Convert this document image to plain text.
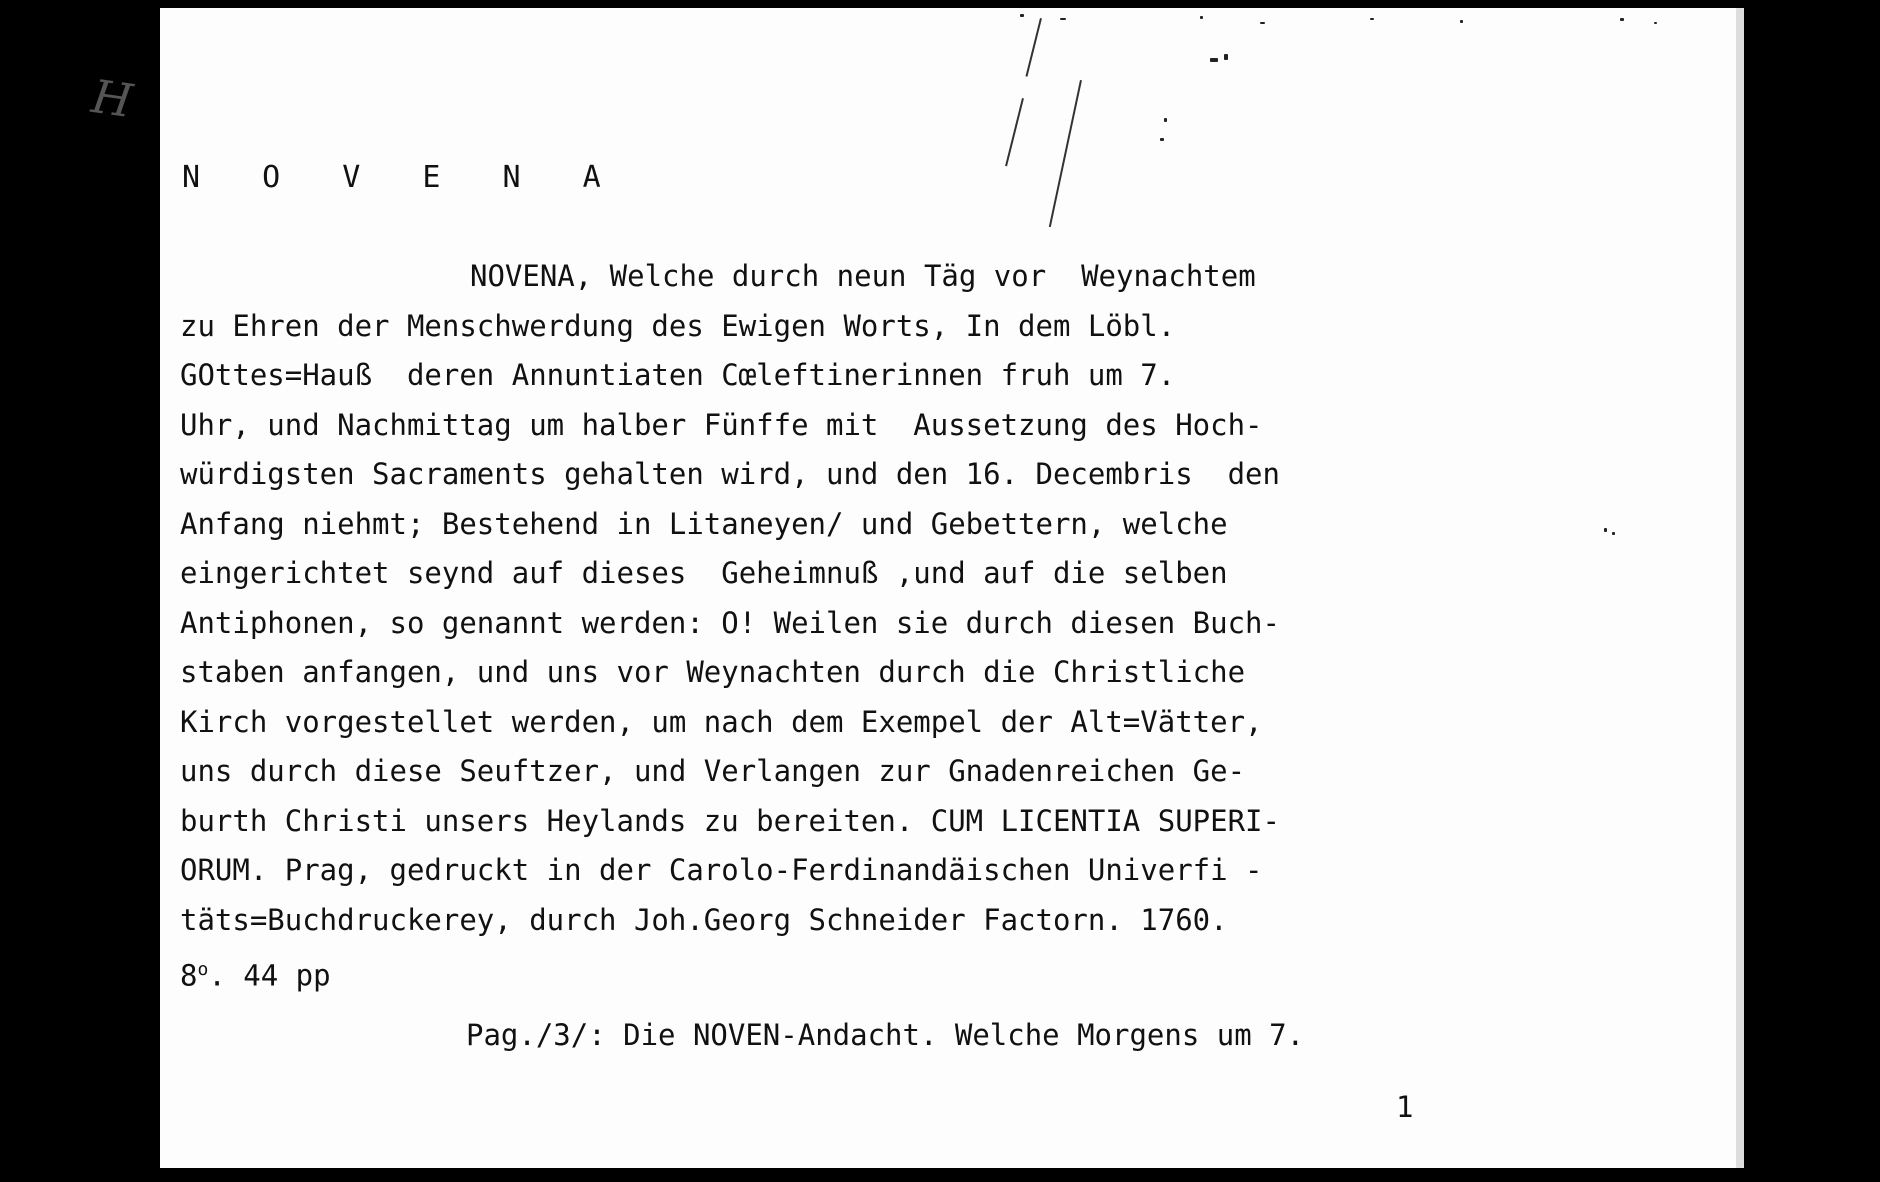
H
N O V E N A

NOVENA, Welche durch neun Täg vor  Weynachtem
zu Ehren der Menschwerdung des Ewigen Worts, In dem Löbl.
GOttes=Hauß  deren Annuntiaten Cœleftinerinnen fruh um 7.
Uhr, und Nachmittag um halber Fünffe mit  Aussetzung des Hoch-
würdigsten Sacraments gehalten wird, und den 16. Decembris  den
Anfang niehmt; Bestehend in Litaneyen/ und Gebettern, welche
eingerichtet seynd auf dieses  Geheimnuß ,und auf die selben
Antiphonen, so genannt werden: O! Weilen sie durch diesen Buch-
staben anfangen, und uns vor Weynachten durch die Christliche
Kirch vorgestellet werden, um nach dem Exempel der Alt=Vätter,
uns durch diese Seuftzer, und Verlangen zur Gnadenreichen Ge-
burth Christi unsers Heylands zu bereiten. CUM LICENTIA SUPERI-
ORUM. Prag, gedruckt in der Carolo-Ferdinandäischen Univerfi -
täts=Buchdruckerey, durch Joh.Georg Schneider Factorn. 1760.
8$^o$. 44 pp

Pag./3/: Die NOVEN-Andacht. Welche Morgens um 7.

1
